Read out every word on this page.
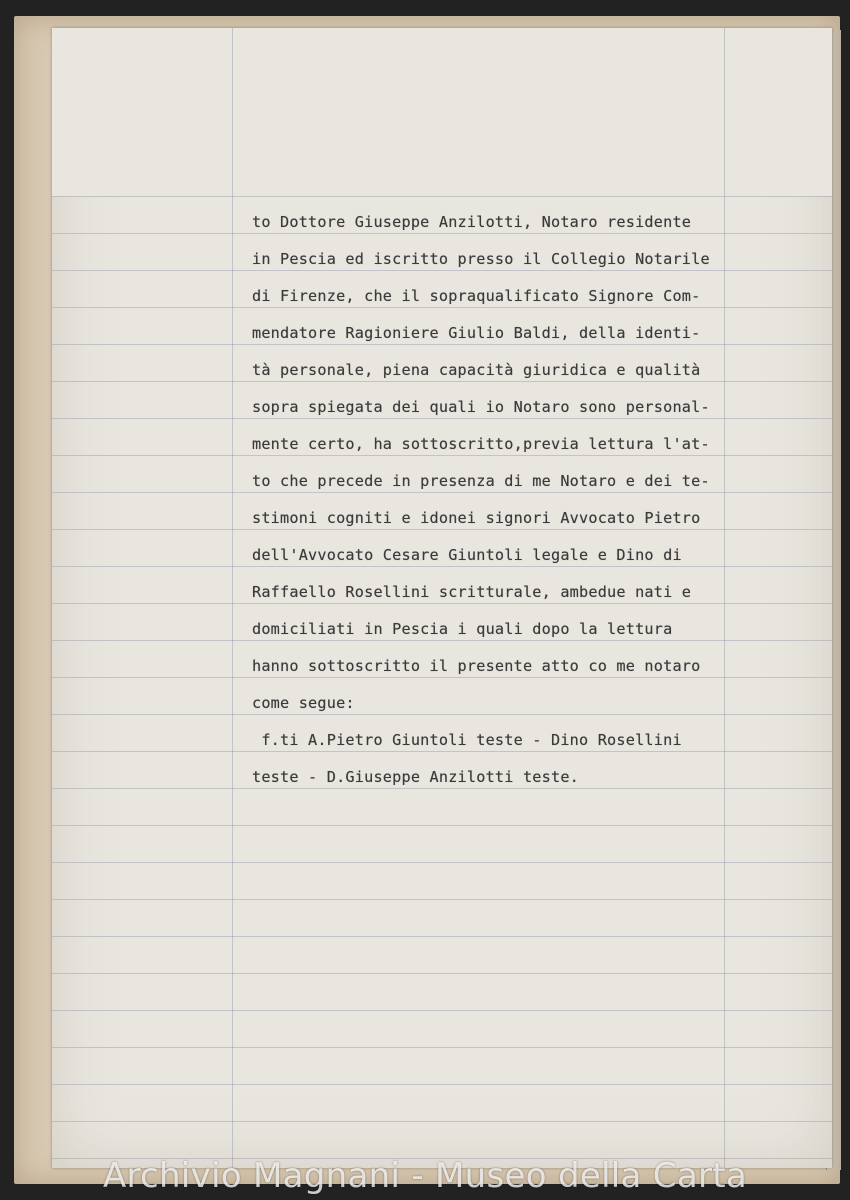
to Dottore Giuseppe Anzilotti, Notaro residente
in Pescia ed iscritto presso il Collegio Notarile
di Firenze, che il sopraqualificato Signore Com-
mendatore Ragioniere Giulio Baldi, della identi-
tà personale, piena capacità giuridica e qualità
sopra spiegata dei quali io Notaro sono personal-
mente certo, ha sottoscritto,previa lettura l'at-
to che precede in presenza di me Notaro e dei te-
stimoni cogniti e idonei signori Avvocato Pietro
dell'Avvocato Cesare Giuntoli legale e Dino di
Raffaello Rosellini scritturale, ambedue nati e
domiciliati in Pescia i quali dopo la lettura
hanno sottoscritto il presente atto co me notaro
come segue:
f.ti A.Pietro Giuntoli teste - Dino Rosellini
teste - D.Giuseppe Anzilotti teste.
Archivio Magnani - Museo della Carta
